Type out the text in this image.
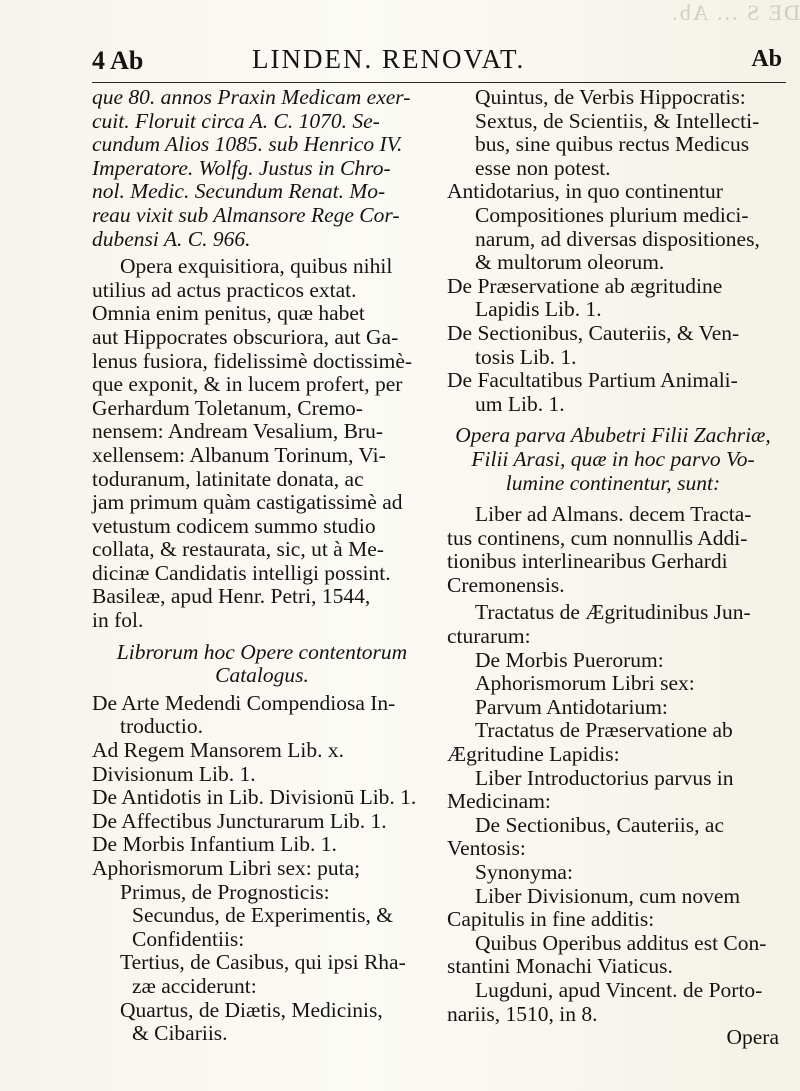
DE S ... Ab.
4 Ab	LINDEN. RENOVAT.	Ab

que 80. annos Praxin Medicam exer-

cuit. Floruit circa A. C. 1070. Se-

cundum Alios 1085. sub Henrico IV.

Imperatore. Wolfg. Justus in Chro-

nol. Medic. Secundum Renat. Mo-

reau vixit sub Almansore Rege Cor-

dubensi A. C. 966.

Opera exquisitiora, quibus nihil

utilius ad actus practicos extat.

Omnia enim penitus, quæ habet

aut Hippocrates obscuriora, aut Ga-

lenus fusiora, fidelissimè doctissimè-

que exponit, & in lucem profert, per

Gerhardum Toletanum, Cremo-

nensem: Andream Vesalium, Bru-

xellensem: Albanum Torinum, Vi-

toduranum, latinitate donata, ac

jam primum quàm castigatissimè ad

vetustum codicem summo studio

collata, & restaurata, sic, ut à Me-

dicinæ Candidatis intelligi possint.

Basileæ, apud Henr. Petri, 1544,

in fol.

Librorum hoc Opere contentorum

Catalogus.

De Arte Medendi Compendiosa In-

troductio.

Ad Regem Mansorem Lib. x.

Divisionum Lib. 1.

De Antidotis in Lib. Divisionū Lib. 1.

De Affectibus Juncturarum Lib. 1.

De Morbis Infantium Lib. 1.

Aphorismorum Libri sex: puta;

Primus, de Prognosticis:

Secundus, de Experimentis, &

Confidentiis:

Tertius, de Casibus, qui ipsi Rha-

zæ acciderunt:

Quartus, de Diætis, Medicinis,

& Cibariis.

Quintus, de Verbis Hippocratis:

Sextus, de Scientiis, & Intellecti-

bus, sine quibus rectus Medicus

esse non potest.

Antidotarius, in quo continentur

Compositiones plurium medici-

narum, ad diversas dispositiones,

& multorum oleorum.

De Præservatione ab ægritudine

Lapidis Lib. 1.

De Sectionibus, Cauteriis, & Ven-

tosis Lib. 1.

De Facultatibus Partium Animali-

um Lib. 1.

Opera parva Abubetri Filii Zachriæ,

Filii Arasi, quæ in hoc parvo Vo-

lumine continentur, sunt:

Liber ad Almans. decem Tracta-

tus continens, cum nonnullis Addi-

tionibus interlinearibus Gerhardi

Cremonensis.

Tractatus de Ægritudinibus Jun-

cturarum:

De Morbis Puerorum:

Aphorismorum Libri sex:

Parvum Antidotarium:

Tractatus de Præservatione ab

Ægritudine Lapidis:

Liber Introductorius parvus in

Medicinam:

De Sectionibus, Cauteriis, ac

Ventosis:

Synonyma:

Liber Divisionum, cum novem

Capitulis in fine additis:

Quibus Operibus additus est Con-

stantini Monachi Viaticus.

Lugduni, apud Vincent. de Porto-

nariis, 1510, in 8.

Opera
